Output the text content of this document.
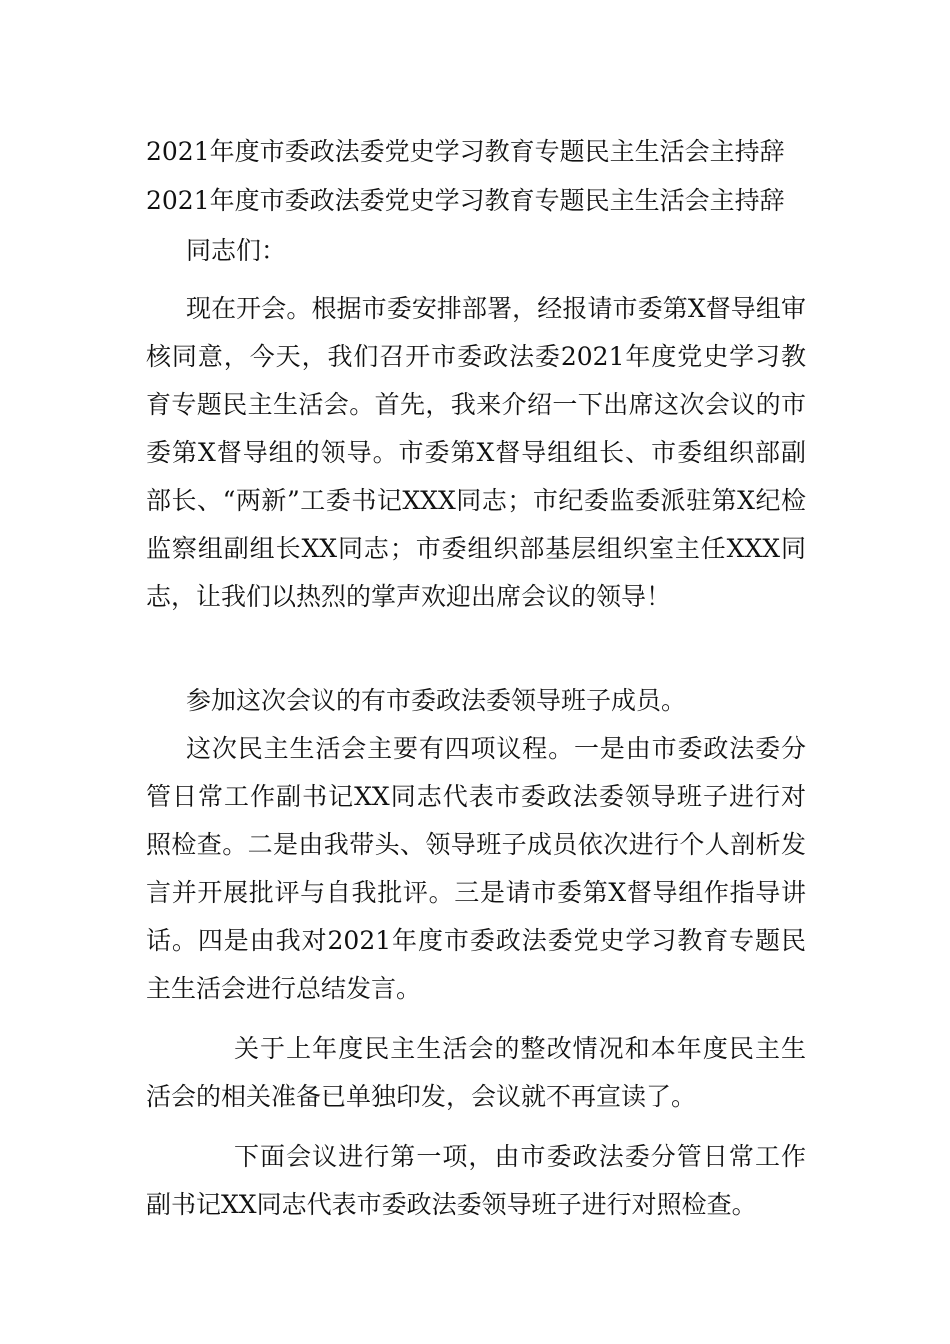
2021年度市委政法委党史学习教育专题民主生活会主持辞
2021年度市委政法委党史学习教育专题民主生活会主持辞

同志们：

现在开会。根据市委安排部署，经报请市委第X督导组审核同意，今天，我们召开市委政法委2021年度党史学习教育专题民主生活会。首先，我来介绍一下出席这次会议的市委第X督导组的领导。市委第X督导组组长、市委组织部副部长、“两新”工委书记XXX同志；市纪委监委派驻第X纪检监察组副组长XX同志；市委组织部基层组织室主任XXX同志，让我们以热烈的掌声欢迎出席会议的领导！

参加这次会议的有市委政法委领导班子成员。

这次民主生活会主要有四项议程。一是由市委政法委分管日常工作副书记XX同志代表市委政法委领导班子进行对照检查。二是由我带头、领导班子成员依次进行个人剖析发言并开展批评与自我批评。三是请市委第X督导组作指导讲话。四是由我对2021年度市委政法委党史学习教育专题民主生活会进行总结发言。

关于上年度民主生活会的整改情况和本年度民主生活会的相关准备已单独印发，会议就不再宣读了。

下面会议进行第一项，由市委政法委分管日常工作副书记XX同志代表市委政法委领导班子进行对照检查。
